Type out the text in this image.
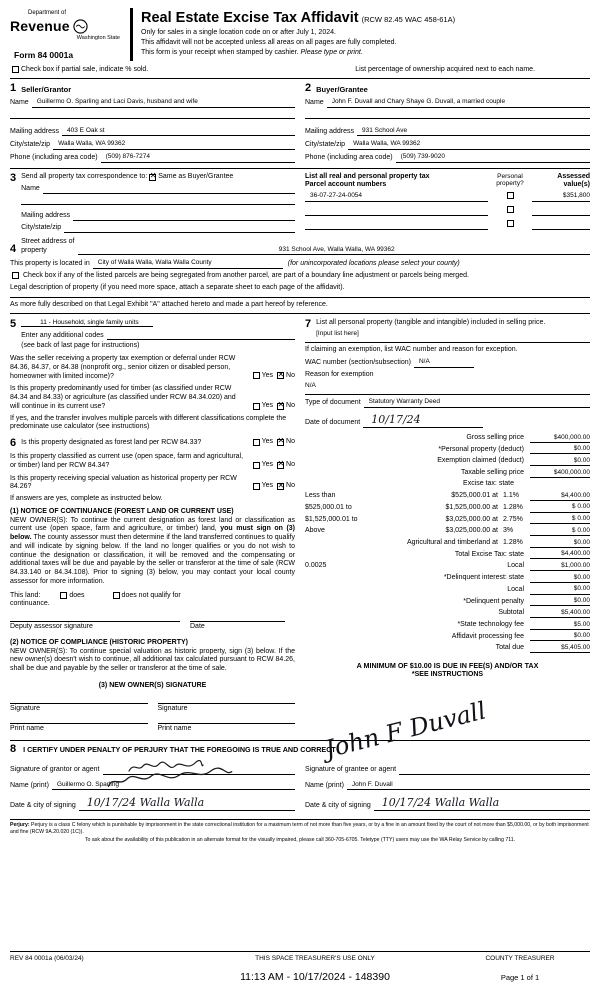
Department of
Revenue
Washington State
Form 84 0001a
Real Estate Excise Tax Affidavit (RCW 82.45 WAC 458-61A)
Only for sales in a single location code on or after July 1, 2024.
This affidavit will not be accepted unless all areas on all pages are fully completed.
This form is your receipt when stamped by cashier. Please type or print.
Check box if partial sale, indicate % sold.	List percentage of ownership acquired next to each name.
1 Seller/Grantor
Name	Guillermo O. Sparling and Laci Davis, husband and wife
Mailing address	403 E Oak st
City/state/zip	Walla Walla, WA 99362
Phone (including area code)	(509) 876-7274
2 Buyer/Grantee
Name	John F. Duvall and Chary Shaye G. Duvall, a married couple
Mailing address	931 School Ave
City/state/zip	Walla Walla, WA 99362
Phone (including area code)	(509) 739-9020
3 Send all property tax correspondence to: ✕ Same as Buyer/Grantee
Name
Mailing address
City/state/zip
List all real and personal property tax
Parcel account numbers
Personal
property?
Assessed
value(s)
36-07-27-24-0054	$351,800
4
Street address of
property	931 School Ave, Walla Walla, WA 99362
This property is located in	City of Walla Walla, Walla Walla County	(for unincorporated locations please select your county)
Check box if any of the listed parcels are being segregated from another parcel, are part of a boundary line adjustment or parcels being merged.
Legal description of property (if you need more space, attach a separate sheet to each page of the affidavit).
As more fully described on that Legal Exhibit "A" attached hereto and made a part hereof by reference.
5	11 - Household, single family units
Enter any additional codes
(see back of last page for instructions)
Was the seller receiving a property tax exemption or deferral under RCW 84.36, 84.37, or 84.38 (nonprofit org., senior citizen or disabled person, homeowner with limited income)?	Yes ✕ No
Is this property predominantly used for timber (as classified under RCW 84.34 and 84.33) or agriculture (as classified under RCW 84.34.020) and will continue in its current use?	Yes ✕ No
If yes, and the transfer involves multiple parcels with different classifications complete the predominate use calculator (see instructions)
6 Is this property designated as forest land per RCW 84.33?	Yes ✕ No
Is this property classified as current use (open space, farm and agricultural, or timber) land per RCW 84.34?	Yes ✕ No
Is this property receiving special valuation as historical property per RCW 84.26?	Yes ✕ No
If answers are yes, complete as instructed below.
(1) NOTICE OF CONTINUANCE (FOREST LAND OR CURRENT USE)
NEW OWNER(S): To continue the current designation as forest land or classification as current use (open space, farm and agriculture, or timber) land, you must sign on (3) below. The county assessor must then determine if the land transferred continues to qualify and will indicate by signing below. If the land no longer qualifies or you do not wish to continue the designation or classification, it will be removed and the compensating or additional taxes will be due and payable by the seller or transferor at the time of sale (RCW 84.33.140 or 84.34.108). Prior to signing (3) below, you may contact your local county assessor for more information.
This land:	does	does not qualify for
continuance.
Deputy assessor signature	Date
(2) NOTICE OF COMPLIANCE (HISTORIC PROPERTY)
NEW OWNER(S): To continue special valuation as historic property, sign (3) below. If the new owner(s) doesn't wish to continue, all additional tax calculated pursuant to RCW 84.26, shall be due and payable by the seller or transferor at the time of sale.
(3) NEW OWNER(S) SIGNATURE
Signature	Signature
Print name	Print name
7 List all personal property (tangible and intangible) included in selling price.
[Input list here]
If claiming an exemption, list WAC number and reason for exception.
WAC number (section/subsection)	N/A
Reason for exemption
N/A
Type of document	Statutory Warranty Deed
Date of document	10/17/24
Gross selling price	$400,000.00
*Personal property (deduct)	$0.00
Exemption claimed (deduct)	$0.00
Taxable selling price	$400,000.00
Excise tax: state
Less than	$525,000.01 at 1.1%	$4,400.00
$525,000.01 to	$1,525,000.00 at 1.28%	$ 0.00
$1,525,000.01 to	$3,025,000.00 at 2.75%	$ 0.00
Above	$3,025,000.00 at 3%	$ 0.00
Agricultural and timberland at 1.28%	$0.00
Total Excise Tax: state	$4,400.00
0.0025	Local	$1,000.00
*Delinquent interest: state	$0.00
Local	$0.00
*Delinquent penalty	$0.00
Subtotal	$5,400.00
*State technology fee	$5.00
Affidavit processing fee	$0.00
Total due	$5,405.00
A MINIMUM OF $10.00 IS DUE IN FEE(S) AND/OR TAX
*SEE INSTRUCTIONS
8 I CERTIFY UNDER PENALTY OF PERJURY THAT THE FOREGOING IS TRUE AND CORRECT
Signature of grantor or agent
Name (print)	Guillermo O. Sparling
Date & city of signing	10/17/24 Walla Walla
John F Duvall
Signature of grantee or agent
Name (print)	John F. Duvall
Date & city of signing	10/17/24 Walla Walla
Perjury: Perjury is a class C felony which is punishable by imprisonment in the state correctional institution for a maximum term of not more than five years, or by a fine in an amount fixed by the court of not more than $5,000.00, or by both imprisonment and fine (RCW 9A.20.020 (1C)).
To ask about the availability of this publication in an alternate format for the visually impaired, please call 360-705-6705. Teletype (TTY) users may use the WA Relay Service by calling 711.
REV 84 0001a (06/03/24)	THIS SPACE TREASURER'S USE ONLY	COUNTY TREASURER
11:13 AM - 10/17/2024 - 148390	Page 1 of 1
